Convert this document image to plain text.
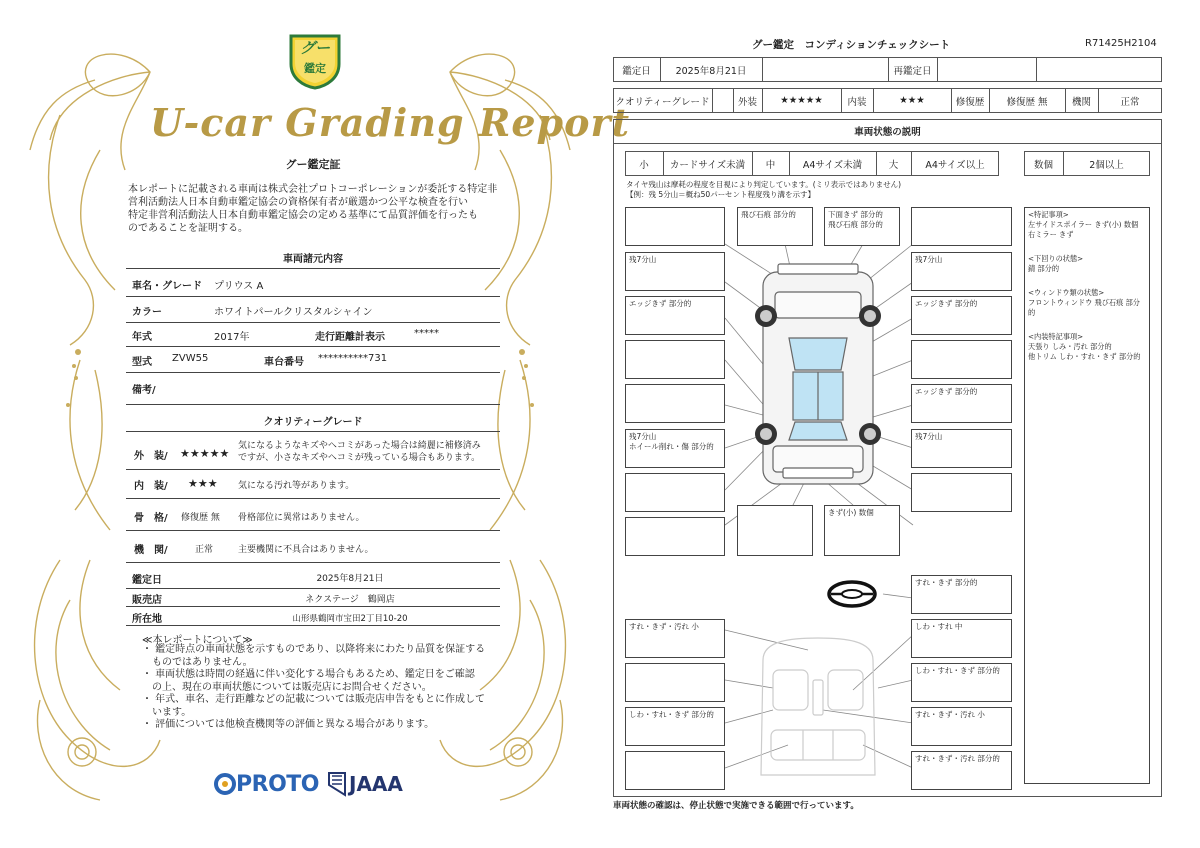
グー
鑑定
U-car Grading Report
グー鑑定証
本レポートに記載される車両は株式会社プロトコーポレーションが委託する特定非
営利活動法人日本自動車鑑定協会の資格保有者が厳選かつ公平な検査を行い
特定非営利活動法人日本自動車鑑定協会の定める基準にて品質評価を行ったも
のであることを証明する。
車両諸元内容
車名・グレード プリウス A
カラー	ホワイトパールクリスタルシャイン
年式	2017年	走行距離計表示	*****
型式 ZVW55	車台番号 **********731
備考/
クオリティーグレード
外　装/ ★★★★★
気になるようなキズやヘコミがあった場合は綺麗に補修済み
ですが、小さなキズやヘコミが残っている場合もあります。
内　装/ ★★★ 気になる汚れ等があります。
骨　格/ 修復歴 無 骨格部位に異常はありません。
機　関/	正常	主要機関に不具合はありません。
鑑定日	2025年8月21日
販売店	ネクステージ　鶴岡店
所在地	山形県鶴岡市宝田2丁目10-20
≪本レポートについて≫
・ 鑑定時点の車両状態を示すものであり、以降将来にわたり品質を保証する
　ものではありません。
・ 車両状態は時間の経過に伴い変化する場合もあるため、鑑定日をご確認
　の上、現在の車両状態については販売店にお問合せください。
・ 年式、車名、走行距離などの記載については販売店申告をもとに作成して
　います。
・ 評価については他検査機関等の評価と異なる場合があります。
PROTO JAAA
グー鑑定　コンディションチェックシート	R71425H2104
鑑定日	2025年8月21日	再鑑定日
クオリティーグレード	外装	★★★★★	内装	★★★	修復歴	修復歴 無	機関	正常
車両状態の説明
小	カードサイズ未満	中	A4サイズ未満	大	A4サイズ以上	数個	2個以上
タイヤ残山は摩耗の程度を目視により判定しています。(ミリ表示ではありません)
【例：残 5分山＝概ね50パーセント程度残り溝を示す】
飛び石痕 部分的	下面きず 部分的
飛び石痕 部分的
残7分山	残7分山
エッジきず 部分的	エッジきず 部分的
エッジきず 部分的
残7分山
ホイール削れ・傷 部分的
残7分山
きず(小) 数個
<特記事項>
左サイドスポイラー きず(小) 数個
右ミラー きず
<下回りの状態>
錆 部分的
<ウィンドウ類の状態>
フロントウィンドウ 飛び石痕 部分的
<内装特記事項>
天張り しみ・汚れ 部分的
他トリム しわ・すれ・きず 部分的
すれ・きず 部分的
すれ・きず・汚れ 小	しわ・すれ 中
しわ・すれ・きず 部分的
しわ・すれ・きず 部分的	すれ・きず・汚れ 小
すれ・きず・汚れ 部分的
車両状態の確認は、停止状態で実施できる範囲で行っています。
